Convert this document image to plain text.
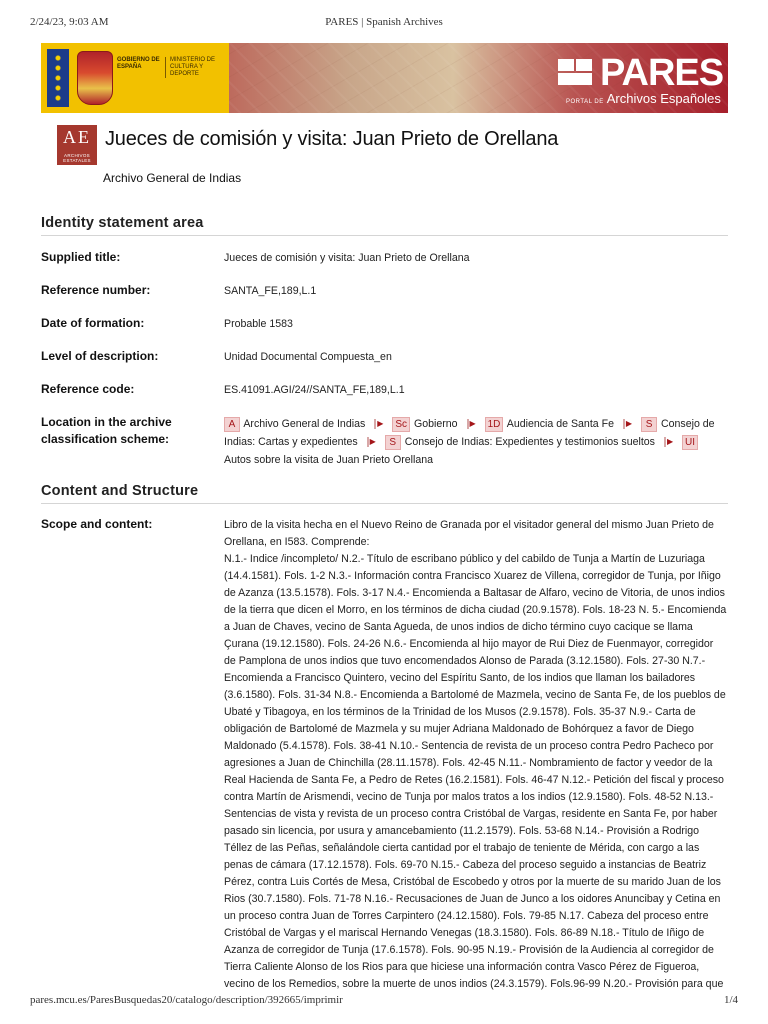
2/24/23, 9:03 AM	PARES | Spanish Archives
GOBIERNO DE ESPAÑA
MINISTERIO DE CULTURA Y DEPORTE	PARES
PORTAL DE Archivos Españoles
AE
ARCHIVOS ESTATALES
Jueces de comisión y visita: Juan Prieto de Orellana
Archivo General de Indias
Identity statement area
Supplied title:	Jueces de comisión y visita: Juan Prieto de Orellana
Reference number:	SANTA_FE,189,L.1
Date of formation:	Probable 1583
Level of description:	Unidad Documental Compuesta_en
Reference code:	ES.41091.AGI/24//SANTA_FE,189,L.1
Location in the archive
classification scheme:
A Archivo General de Indias ▶ Sc Gobierno ▶ 1D Audiencia de Santa Fe ▶ S Consejo de Indias: Cartas y expedientes ▶ S Consejo de Indias: Expedientes y testimonios sueltos ▶ UI Autos sobre la visita de Juan Prieto Orellana
Content and Structure
Scope and content:	Libro de la visita hecha en el Nuevo Reino de Granada por el visitador general del mismo Juan Prieto de Orellana, en I583. Comprende:
N.1.- Indice /incompleto/ N.2.- Título de escribano público y del cabildo de Tunja a Martín de Luzuriaga (14.4.1581). Fols. 1-2 N.3.- Información contra Francisco Xuarez de Villena, corregidor de Tunja, por Iñigo de Azanza (13.5.1578). Fols. 3-17 N.4.- Encomienda a Baltasar de Alfaro, vecino de Vitoria, de unos indios de la tierra que dicen el Morro, en los términos de dicha ciudad (20.9.1578). Fols. 18-23 N. 5.- Encomienda a Juan de Chaves, vecino de Santa Agueda, de unos indios de dicho término cuyo cacique se llama Çurana (19.12.1580). Fols. 24-26 N.6.- Encomienda al hijo mayor de Rui Diez de Fuenmayor, corregidor de Pamplona de unos indios que tuvo encomendados Alonso de Parada (3.12.1580). Fols. 27-30 N.7.- Encomienda a Francisco Quintero, vecino del Espíritu Santo, de los indios que llaman los bailadores (3.6.1580). Fols. 31-34 N.8.- Encomienda a Bartolomé de Mazmela, vecino de Santa Fe, de los pueblos de Ubaté y Tibagoya, en los términos de la Trinidad de los Musos (2.9.1578). Fols. 35-37 N.9.- Carta de obligación de Bartolomé de Mazmela y su mujer Adriana Maldonado de Bohórquez a favor de Diego Maldonado (5.4.1578). Fols. 38-41 N.10.- Sentencia de revista de un proceso contra Pedro Pacheco por agresiones a Juan de Chinchilla (28.11.1578). Fols. 42-45 N.11.- Nombramiento de factor y veedor de la Real Hacienda de Santa Fe, a Pedro de Retes (16.2.1581). Fols. 46-47 N.12.- Petición del fiscal y proceso contra Martín de Arismendi, vecino de Tunja por malos tratos a los indios (12.9.1580). Fols. 48-52 N.13.- Sentencias de vista y revista de un proceso contra Cristóbal de Vargas, residente en Santa Fe, por haber pasado sin licencia, por usura y amancebamiento (11.2.1579). Fols. 53-68 N.14.- Provisión a Rodrigo Téllez de las Peñas, señalándole cierta cantidad por el trabajo de teniente de Mérida, con cargo a las penas de cámara (17.12.1578). Fols. 69-70 N.15.- Cabeza del proceso seguido a instancias de Beatriz Pérez, contra Luis Cortés de Mesa, Cristóbal de Escobedo y otros por la muerte de su marido Juan de los Rios (30.7.1580). Fols. 71-78 N.16.- Recusaciones de Juan de Junco a los oidores Anuncibay y Cetina en un proceso contra Juan de Torres Carpintero (24.12.1580). Fols. 79-85 N.17. Cabeza del proceso entre Cristóbal de Vargas y el mariscal Hernando Venegas (18.3.1580). Fols. 86-89 N.18.- Título de Iñigo de Azanza de corregidor de Tunja (17.6.1578). Fols. 90-95 N.19.- Provisión de la Audiencia al corregidor de Tierra Caliente Alonso de los Rios para que hiciese una información contra Vasco Pérez de Figueroa, vecino de los Remedios, sobre la muerte de unos indios (24.3.1579). Fols.96-99 N.20.- Provisión para que
pares.mcu.es/ParesBusquedas20/catalogo/description/392665/imprimir	1/4
